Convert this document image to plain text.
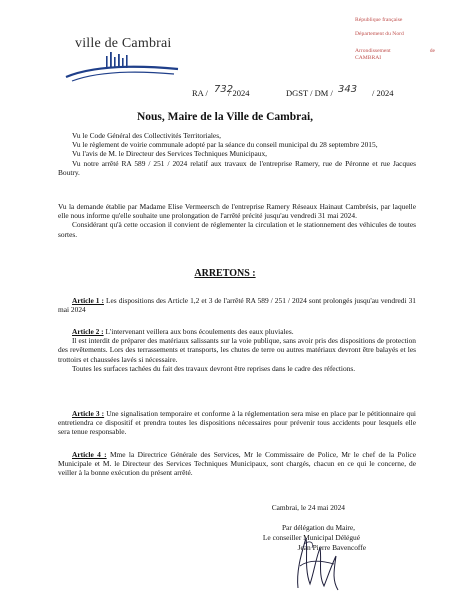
ville de Cambrai
République française
Département du Nord
Arrondissement	de
CAMBRAI
RA / 732
/ 2024	DGST / DM / 343 / 2024
Nous, Maire de la Ville de Cambrai,

Vu le Code Général des Collectivités Territoriales,

Vu le règlement de voirie communale adopté par la séance du conseil municipal du 28 septembre 2015,

Vu l'avis de M. le Directeur des Services Techniques Municipaux,

Vu notre arrêté RA 589 / 251 / 2024 relatif aux travaux de l'entreprise Ramery, rue de Péronne et rue Jacques Boutry.

Vu la demande établie par Madame Elise Vermeersch de l'entreprise Ramery Réseaux Hainaut Cambrésis, par laquelle elle nous informe qu'elle souhaite une prolongation de l'arrêté précité jusqu'au vendredi 31 mai 2024.

Considérant qu'à cette occasion il convient de réglementer la circulation et le stationnement des véhicules de toutes sortes.

ARRETONS :

Article 1 : Les dispositions des Article 1,2 et 3 de l'arrêté RA 589 / 251 / 2024 sont prolongés jusqu'au vendredi 31 mai 2024

Article 2 : L'intervenant veillera aux bons écoulements des eaux pluviales.

Il est interdit de préparer des matériaux salissants sur la voie publique, sans avoir pris des dispositions de protection des revêtements. Lors des terrassements et transports, les chutes de terre ou autres matériaux devront être balayés et les trottoirs et chaussées lavés si nécessaire.

Toutes les surfaces tachées du fait des travaux devront être reprises dans le cadre des réfections.

Article 3 : Une signalisation temporaire et conforme à la réglementation sera mise en place par le pétitionnaire qui entretiendra ce dispositif et prendra toutes les dispositions nécessaires pour prévenir tous accidents pour lesquels elle sera tenue responsable.

Article 4 : Mme la Directrice Générale des Services, Mr le Commissaire de Police, Mr le chef de la Police Municipale et M. le Directeur des Services Techniques Municipaux, sont chargés, chacun en ce qui le concerne, de veiller à la bonne exécution du présent arrêté.

Cambrai, le 24 mai 2024
Par délégation du Maire,
Le conseiller Municipal Délégué
Jean Pierre Bavencoffe
